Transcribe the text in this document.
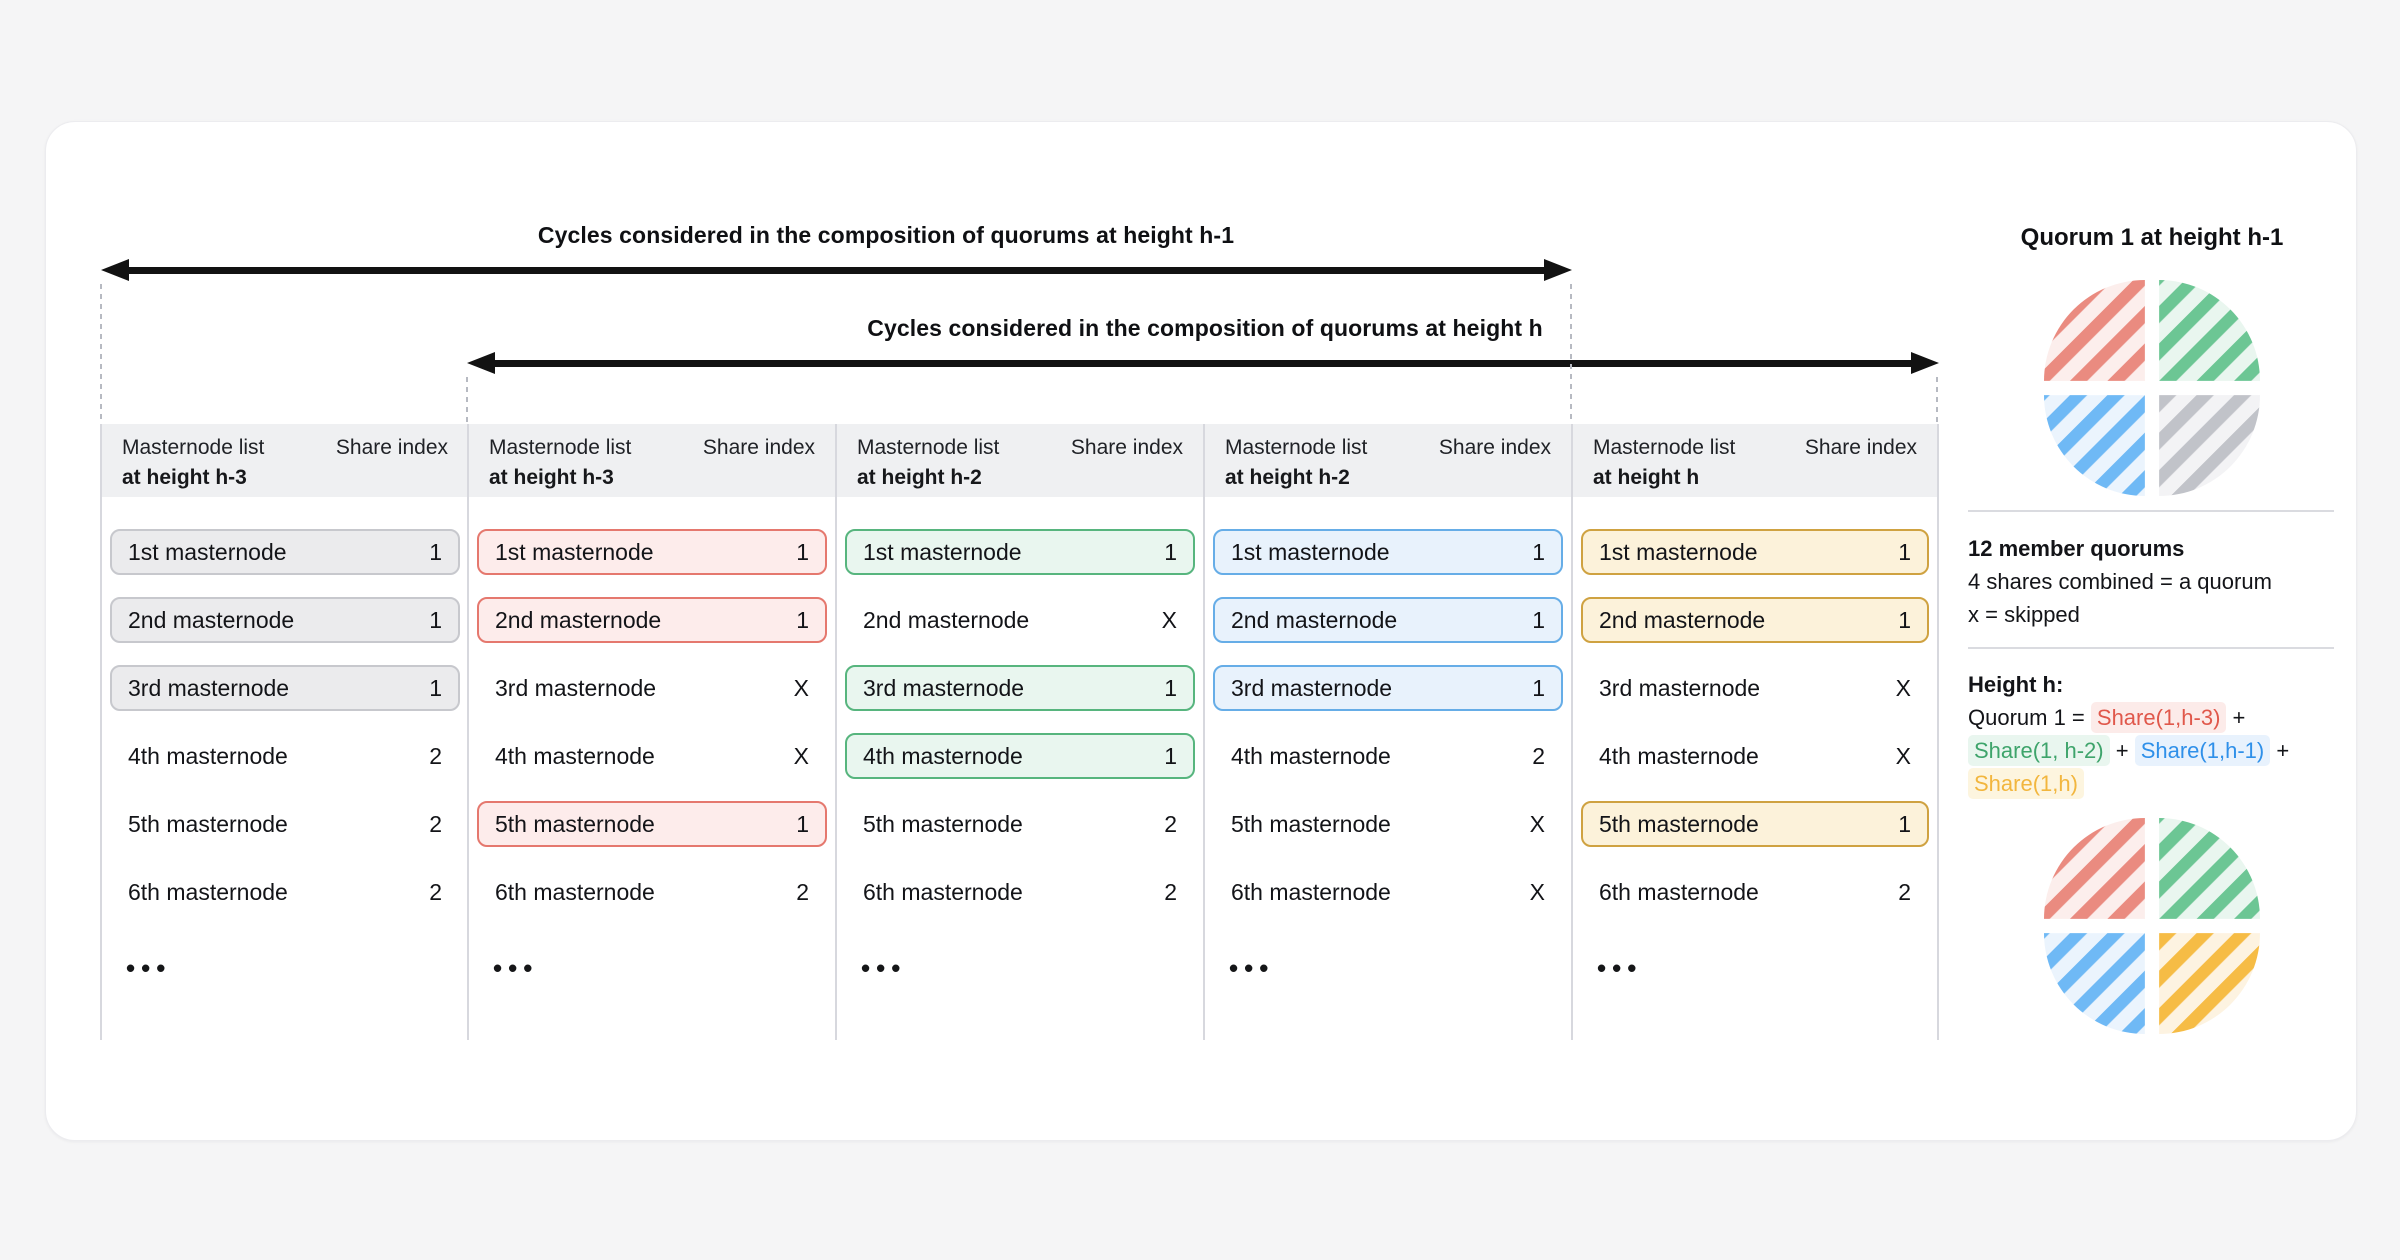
Cycles considered in the composition of quorums at height h-1
Cycles considered in the composition of quorums at height h
Masternode list	Share index
at height h-3
1st masternode	1
2nd masternode	1
3rd masternode	1
4th masternode	2
5th masternode	2
6th masternode	2
•••
Masternode list	Share index
at height h-3
1st masternode	1
2nd masternode	1
3rd masternode	X
4th masternode	X
5th masternode	1
6th masternode	2
•••
Masternode list	Share index
at height h-2
1st masternode	1
2nd masternode	X
3rd masternode	1
4th masternode	1
5th masternode	2
6th masternode	2
•••
Masternode list	Share index
at height h-2
1st masternode	1
2nd masternode	1
3rd masternode	1
4th masternode	2
5th masternode	X
6th masternode	X
•••
Masternode list	Share index
at height h
1st masternode	1
2nd masternode	1
3rd masternode	X
4th masternode	X
5th masternode	1
6th masternode	2
•••
Quorum 1 at height h-1
12 member quorums
4 shares combined = a quorum
x = skipped
Height h:
Quorum 1 = Share(1,h-3) +
Share(1, h-2) + Share(1,h-1) +
Share(1,h)
